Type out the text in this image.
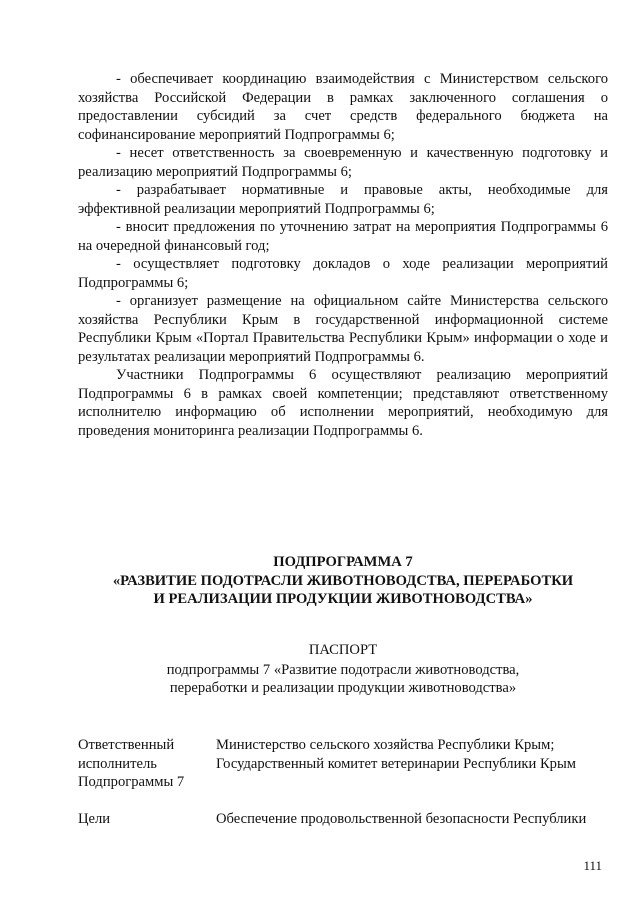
- обеспечивает координацию взаимодействия с Министерством сельского хозяйства Российской Федерации в рамках заключенного соглашения о предоставлении субсидий за счет средств федерального бюджета на софинансирование мероприятий Подпрограммы 6;

- несет ответственность за своевременную и качественную подготовку и реализацию мероприятий Подпрограммы 6;

- разрабатывает нормативные и правовые акты, необходимые для эффективной реализации мероприятий Подпрограммы 6;

- вносит предложения по уточнению затрат на мероприятия Подпрограммы 6 на очередной финансовый год;

- осуществляет подготовку докладов о ходе реализации мероприятий Подпрограммы 6;

- организует размещение на официальном сайте Министерства сельского хозяйства Республики Крым в государственной информационной системе Республики Крым «Портал Правительства Республики Крым» информации о ходе и результатах реализации мероприятий Подпрограммы 6.

Участники Подпрограммы 6 осуществляют реализацию мероприятий Подпрограммы 6 в рамках своей компетенции; представляют ответственному исполнителю информацию об исполнении мероприятий, необходимую для проведения мониторинга реализации Подпрограммы 6.

ПОДПРОГРАММА 7
«РАЗВИТИЕ ПОДОТРАСЛИ ЖИВОТНОВОДСТВА, ПЕРЕРАБОТКИ
И РЕАЛИЗАЦИИ ПРОДУКЦИИ ЖИВОТНОВОДСТВА»
ПАСПОРТ
подпрограммы 7 «Развитие подотрасли животноводства,
переработки и реализации продукции животноводства»
Ответственный
исполнитель
Подпрограммы 7
Министерство сельского хозяйства Республики Крым;
Государственный комитет ветеринарии Республики Крым
Цели	Обеспечение продовольственной безопасности Республики
111
